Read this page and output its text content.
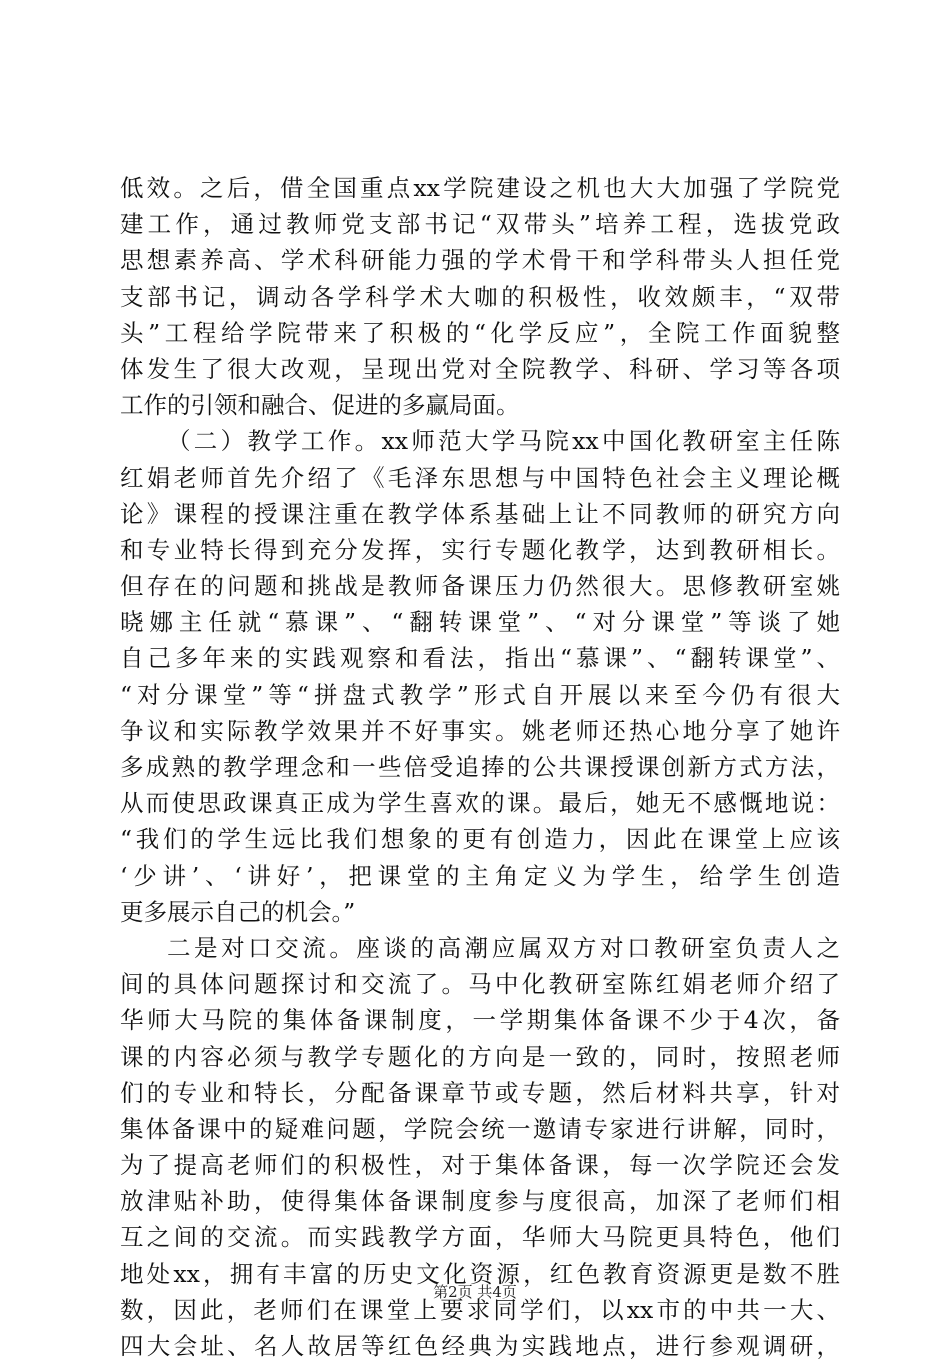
低效。之后，借全国重点xx学院建设之机也大大加强了学院党
建工作，通过教师党支部书记“双带头”培养工程，选拔党政
思想素养高、学术科研能力强的学术骨干和学科带头人担任党
支部书记，调动各学科学术大咖的积极性，收效颇丰，“双带
头”工程给学院带来了积极的“化学反应”，全院工作面貌整
体发生了很大改观，呈现出党对全院教学、科研、学习等各项
工作的引领和融合、促进的多赢局面。
（二）教学工作。xx师范大学马院xx中国化教研室主任陈
红娟老师首先介绍了《毛泽东思想与中国特色社会主义理论概
论》课程的授课注重在教学体系基础上让不同教师的研究方向
和专业特长得到充分发挥，实行专题化教学，达到教研相长。
但存在的问题和挑战是教师备课压力仍然很大。思修教研室姚
晓娜主任就“慕课”、“翻转课堂”、“对分课堂”等谈了她
自己多年来的实践观察和看法，指出“慕课”、“翻转课堂”、
“对分课堂”等“拼盘式教学”形式自开展以来至今仍有很大
争议和实际教学效果并不好事实。姚老师还热心地分享了她许
多成熟的教学理念和一些倍受追捧的公共课授课创新方式方法，
从而使思政课真正成为学生喜欢的课。最后，她无不感慨地说：
“我们的学生远比我们想象的更有创造力，因此在课堂上应该
‘少讲’、‘讲好’，把课堂的主角定义为学生，给学生创造
更多展示自己的机会。”
二是对口交流。座谈的高潮应属双方对口教研室负责人之
间的具体问题探讨和交流了。马中化教研室陈红娟老师介绍了
华师大马院的集体备课制度，一学期集体备课不少于4次，备
课的内容必须与教学专题化的方向是一致的，同时，按照老师
们的专业和特长，分配备课章节或专题，然后材料共享，针对
集体备课中的疑难问题，学院会统一邀请专家进行讲解，同时，
为了提高老师们的积极性，对于集体备课，每一次学院还会发
放津贴补助，使得集体备课制度参与度很高，加深了老师们相
互之间的交流。而实践教学方面，华师大马院更具特色，他们
地处xx，拥有丰富的历史文化资源，红色教育资源更是数不胜
数，因此，老师们在课堂上要求同学们，以xx市的中共一大、
四大会址、名人故居等红色经典为实践地点，进行参观调研，
第2页 共4页
